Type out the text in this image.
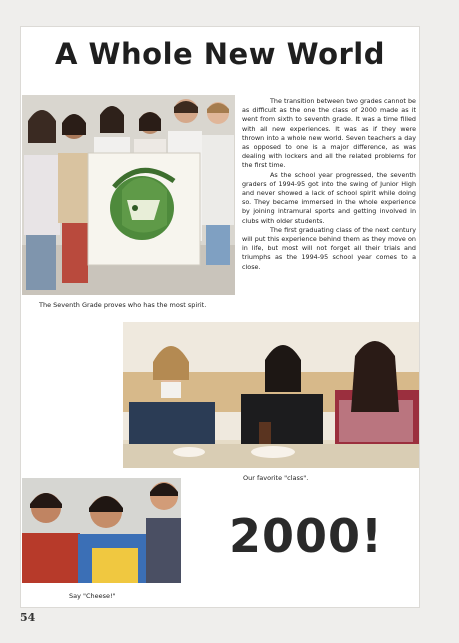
A Whole New World
The Seventh Grade proves who has the most spirit.

The transition between two grades cannot be as difficult as the one the class of 2000 made as it went from sixth to seventh grade. It was a time filled with all new experiences. It was as if they were thrown into a whole new world. Seven teachers a day as opposed to one is a major difference, as was dealing with lockers and all the related problems for the first time.

As the school year progressed, the seventh graders of 1994-95 got into the swing of Junior High and never showed a lack of school spirit while doing so. They became immersed in the whole experience by joining intramural sports and getting involved in clubs with older students.

The first graduating class of the next century will put this experience behind them as they move on in life, but most will not forget all their trials and triumphs as the 1994-95 school year comes to a close.

Our favorite "class".
Say "Cheese!"
2000!
54
